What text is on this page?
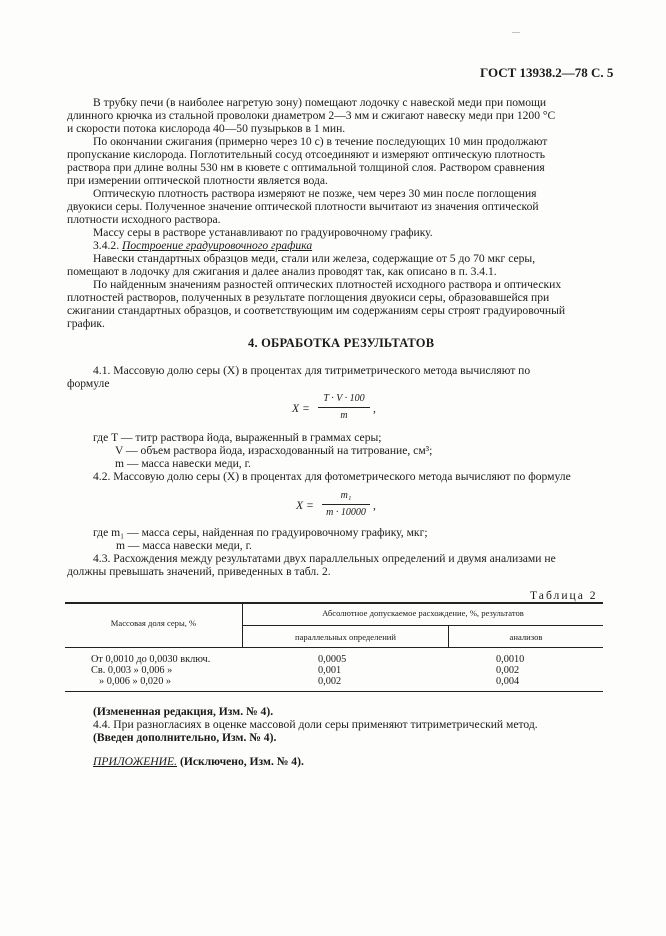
....
ГОСТ 13938.2—78 С. 5
В трубку печи (в наиболее нагретую зону) помещают лодочку с навеской меди при помощи
длинного крючка из стальной проволоки диаметром 2—3 мм и сжигают навеску меди при 1200 °С
и скорости потока кислорода 40—50 пузырьков в 1 мин.
По окончании сжигания (примерно через 10 с) в течение последующих 10 мин продолжают
пропускание кислорода. Поглотительный сосуд отсоединяют и измеряют оптическую плотность
раствора при длине волны 530 нм в кювете с оптимальной толщиной слоя. Раствором сравнения
при измерении оптической плотности является вода.
Оптическую плотность раствора измеряют не позже, чем через 30 мин после поглощения
двуокиси серы. Полученное значение оптической плотности вычитают из значения оптической
плотности исходного раствора.
Массу серы в растворе устанавливают по градуировочному графику.
3.4.2. Построение градуировочного графика
Навески стандартных образцов меди, стали или железа, содержащие от 5 до 70 мкг серы,
помещают в лодочку для сжигания и далее анализ проводят так, как описано в п. 3.4.1.
По найденным значениям разностей оптических плотностей исходного раствора и оптических
плотностей растворов, полученных в результате поглощения двуокиси серы, образовавшейся при
сжигании стандартных образцов, и соответствующим им содержаниям серы строят градуировочный
график.
4. ОБРАБОТКА РЕЗУЛЬТАТОВ
4.1. Массовую долю серы (X) в процентах для титриметрического метода вычисляют по
формуле
X =
T · V · 100
m
,
где T — титр раствора йода, выраженный в граммах серы;
V — объем раствора йода, израсходованный на титрование, см³;
m — масса навески меди, г.
4.2. Массовую долю серы (X) в процентах для фотометрического метода вычисляют по формуле
X =
m₁
m · 10000
,
где m₁ — масса серы, найденная по градуировочному графику, мкг;
m — масса навески меди, г.
4.3. Расхождения между результатами двух параллельных определений и двумя анализами не
должны превышать значений, приведенных в табл. 2.
Таблица 2
Массовая доля серы, %
Абсолютное допускаемое расхождение, %, результатов
параллельных определений	анализов
От 0,0010 до 0,0030 включ.	0,0005	0,0010
Св. 0,003 » 0,006 »	0,001	0,002
» 0,006 » 0,020 »	0,002	0,004
(Измененная редакция, Изм. № 4).
4.4. При разногласиях в оценке массовой доли серы применяют титриметрический метод.
(Введен дополнительно, Изм. № 4).
ПРИЛОЖЕНИЕ. (Исключено, Изм. № 4).
